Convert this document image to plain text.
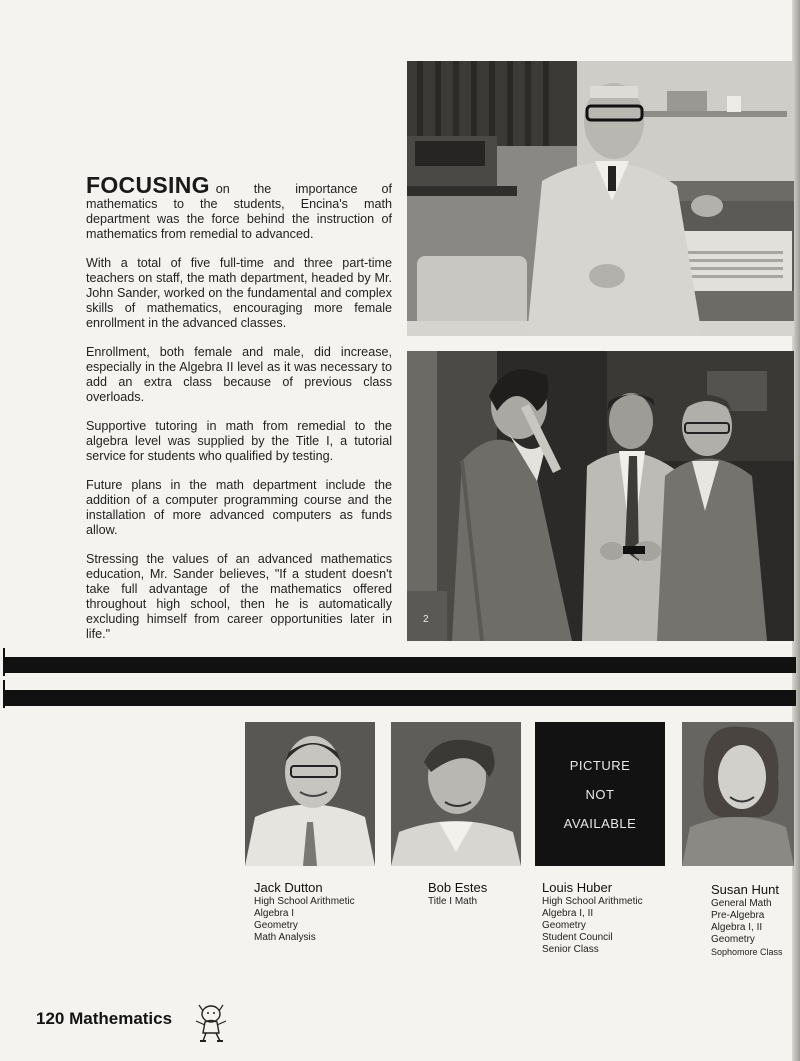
FOCUSING on the importance of mathematics to the students, Encina's math department was the force behind the instruction of mathematics from remedial to advanced.

With a total of five full-time and three part-time teachers on staff, the math department, headed by Mr. John Sander, worked on the fundamental and complex skills of mathematics, encouraging more female enrollment in the advanced classes.

Enrollment, both female and male, did increase, especially in the Algebra II level as it was necessary to add an extra class because of previous class overloads.

Supportive tutoring in math from remedial to the algebra level was supplied by the Title I, a tutorial service for students who qualified by testing.

Future plans in the math department include the addition of a computer programming course and the installation of more advanced computers as funds allow.

Stressing the values of an advanced mathematics education, Mr. Sander believes, "If a student doesn't take full advantage of the mathematics offered throughout high school, then he is automatically excluding himself from career opportunities later in life."

2
PICTURE
NOT
AVAILABLE
Jack Dutton
High School Arithmetic
Algebra I
Geometry
Math Analysis
Bob Estes
Title I Math
Louis Huber
High School Arithmetic
Algebra I, II
Geometry
Student Council
Senior Class
Susan Hunt
General Math
Pre-Algebra
Algebra I, II
Geometry
Sophomore Class
120 Mathematics
